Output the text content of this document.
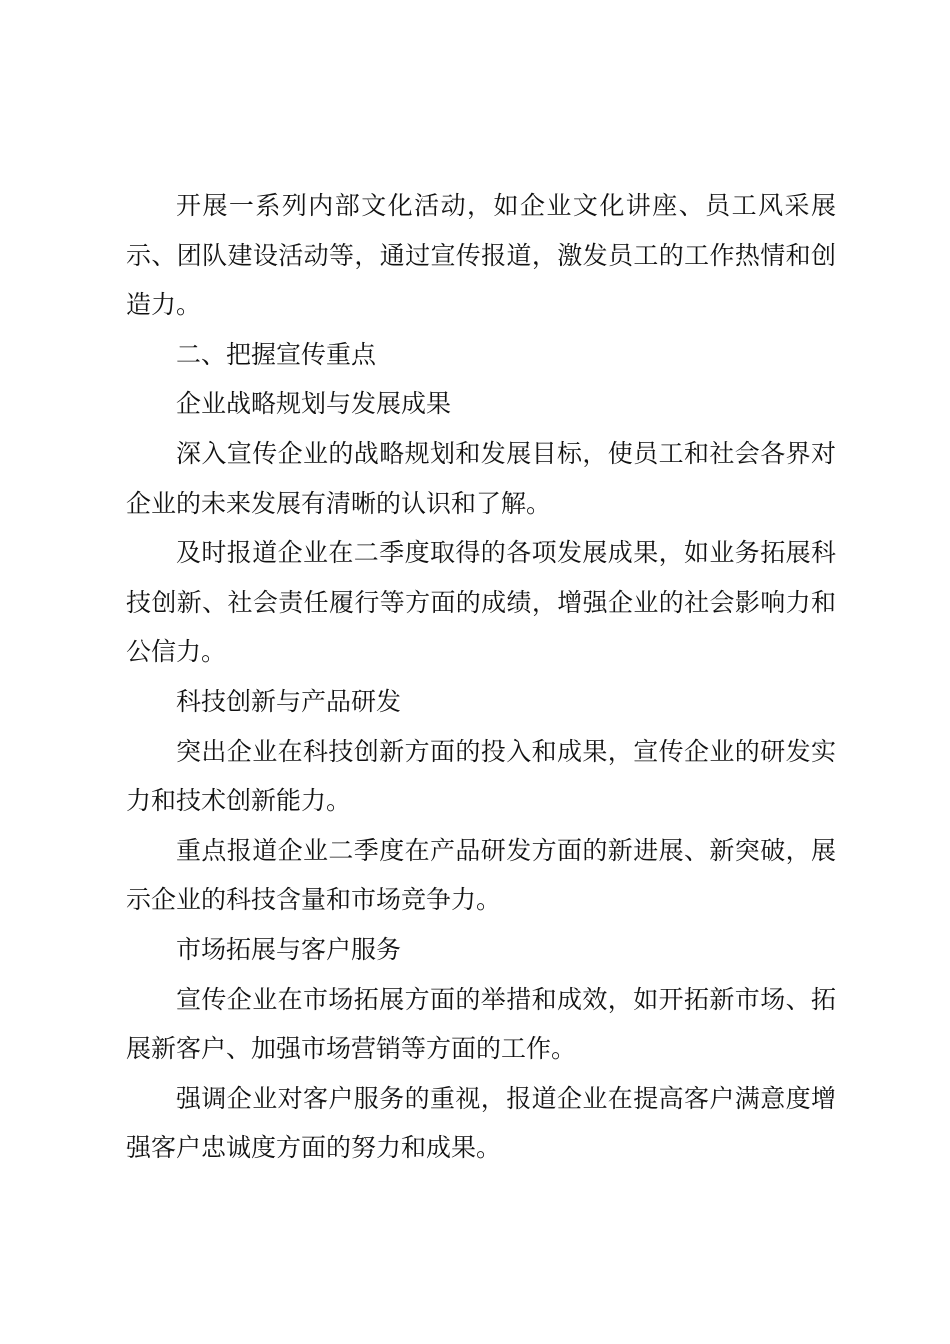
开展一系列内部文化活动，如企业文化讲座、员工风采展示、团队建设活动等，通过宣传报道，激发员工的工作热情和创造力。

二、把握宣传重点

企业战略规划与发展成果

深入宣传企业的战略规划和发展目标，使员工和社会各界对企业的未来发展有清晰的认识和了解。

及时报道企业在二季度取得的各项发展成果，如业务拓展科技创新、社会责任履行等方面的成绩，增强企业的社会影响力和公信力。

科技创新与产品研发

突出企业在科技创新方面的投入和成果，宣传企业的研发实力和技术创新能力。

重点报道企业二季度在产品研发方面的新进展、新突破，展示企业的科技含量和市场竞争力。

市场拓展与客户服务

宣传企业在市场拓展方面的举措和成效，如开拓新市场、拓展新客户、加强市场营销等方面的工作。

强调企业对客户服务的重视，报道企业在提高客户满意度增强客户忠诚度方面的努力和成果。
